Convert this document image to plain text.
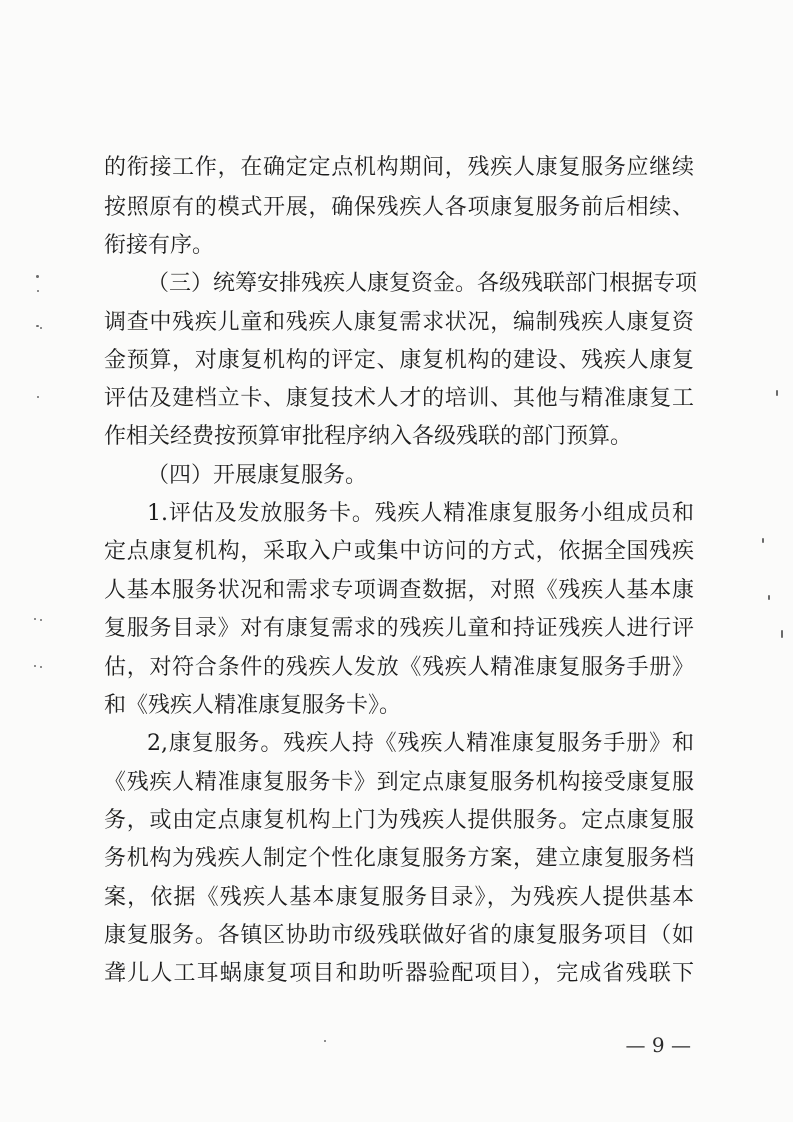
的衔接工作，在确定定点机构期间，残疾人康复服务应继续
按照原有的模式开展，确保残疾人各项康复服务前后相续、
衔接有序。
（三）统筹安排残疾人康复资金。各级残联部门根据专项
调查中残疾儿童和残疾人康复需求状况，编制残疾人康复资
金预算，对康复机构的评定、康复机构的建设、残疾人康复
评估及建档立卡、康复技术人才的培训、其他与精准康复工
作相关经费按预算审批程序纳入各级残联的部门预算。
（四）开展康复服务。
1.评估及发放服务卡。残疾人精准康复服务小组成员和
定点康复机构，采取入户或集中访问的方式，依据全国残疾
人基本服务状况和需求专项调查数据，对照《残疾人基本康
复服务目录》对有康复需求的残疾儿童和持证残疾人进行评
估，对符合条件的残疾人发放《残疾人精准康复服务手册》
和《残疾人精准康复服务卡》。
2,康复服务。残疾人持《残疾人精准康复服务手册》和
《残疾人精准康复服务卡》到定点康复服务机构接受康复服
务，或由定点康复机构上门为残疾人提供服务。定点康复服
务机构为残疾人制定个性化康复服务方案，建立康复服务档
案，依据《残疾人基本康复服务目录》，为残疾人提供基本
康复服务。各镇区协助市级残联做好省的康复服务项目（如
聋儿人工耳蜗康复项目和助听器验配项目），完成省残联下
— 9 —
